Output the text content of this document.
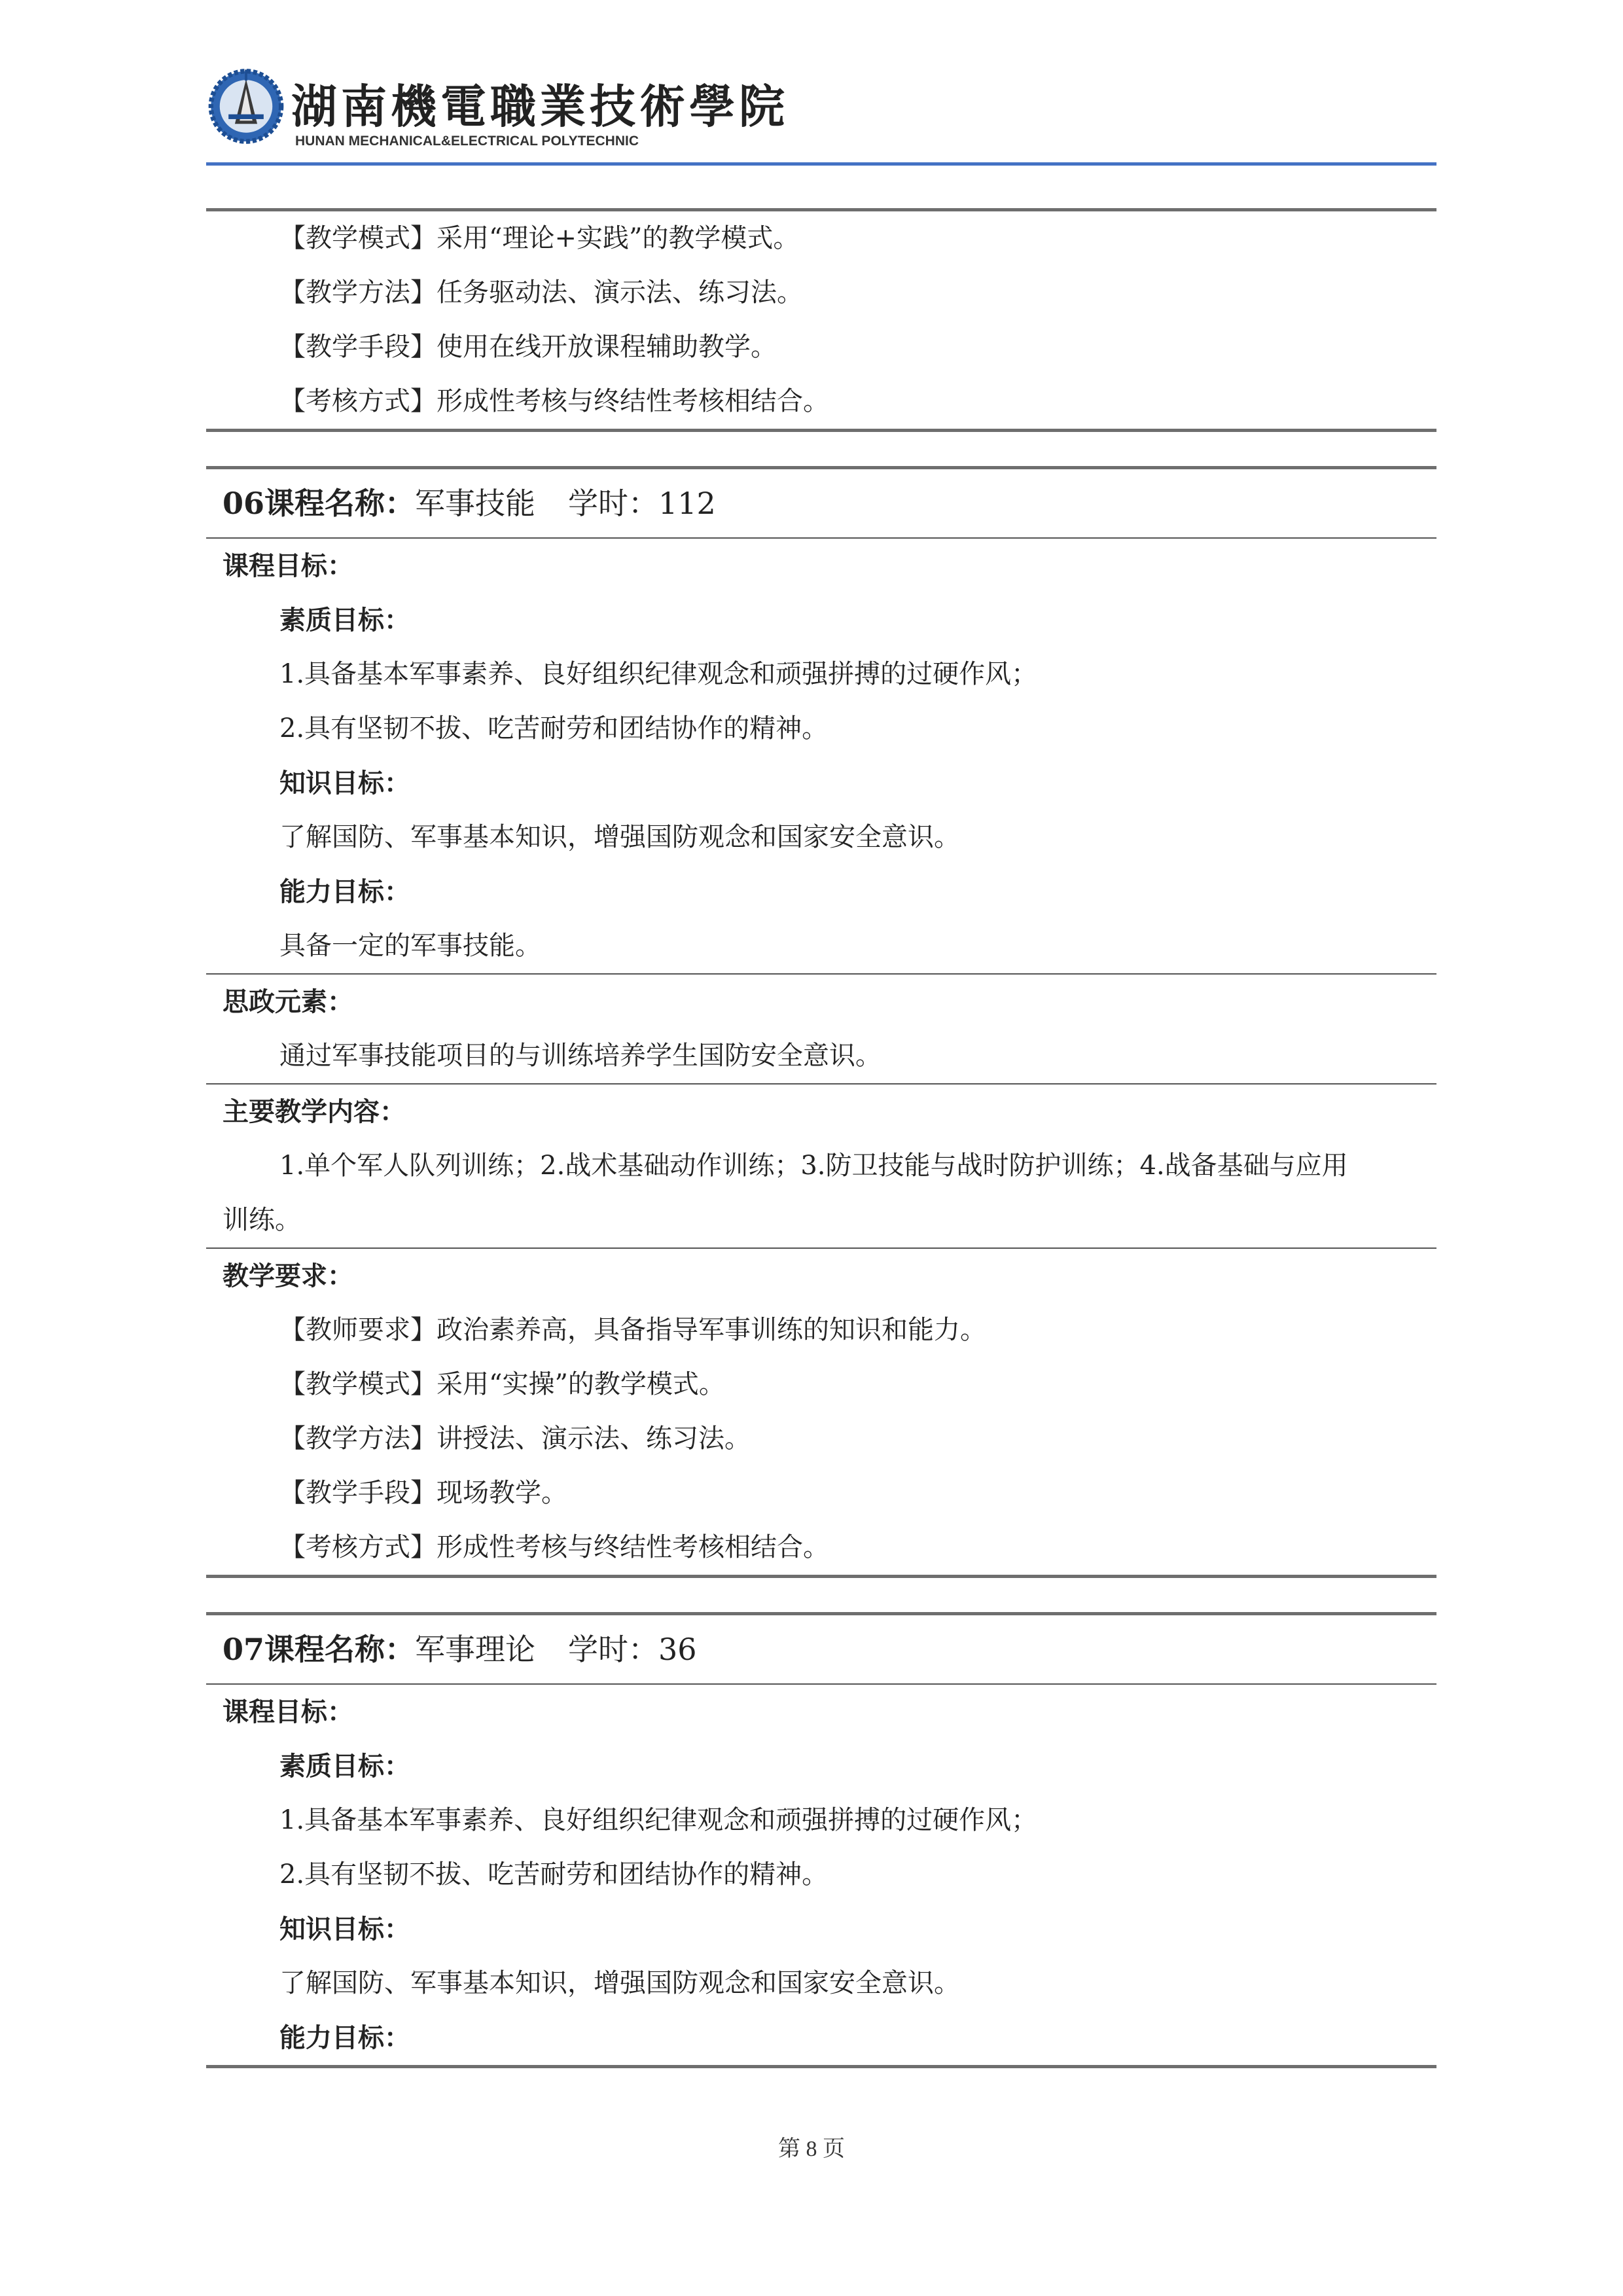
湖南機電職業技術學院
HUNAN MECHANICAL&ELECTRICAL POLYTECHNIC
【教学模式】采用“理论+实践”的教学模式。
【教学方法】任务驱动法、演示法、练习法。
【教学手段】使用在线开放课程辅助教学。
【考核方式】形成性考核与终结性考核相结合。
06课程名称：军事技能 学时：112
课程目标：
素质目标：
1.具备基本军事素养、良好组织纪律观念和顽强拼搏的过硬作风；
2.具有坚韧不拔、吃苦耐劳和团结协作的精神。
知识目标：
了解国防、军事基本知识，增强国防观念和国家安全意识。
能力目标：
具备一定的军事技能。
思政元素：
通过军事技能项目的与训练培养学生国防安全意识。
主要教学内容：
1.单个军人队列训练；2.战术基础动作训练；3.防卫技能与战时防护训练；4.战备基础与应用
训练。
教学要求：
【教师要求】政治素养高，具备指导军事训练的知识和能力。
【教学模式】采用“实操”的教学模式。
【教学方法】讲授法、演示法、练习法。
【教学手段】现场教学。
【考核方式】形成性考核与终结性考核相结合。
07课程名称：军事理论 学时：36
课程目标：
素质目标：
1.具备基本军事素养、良好组织纪律观念和顽强拼搏的过硬作风；
2.具有坚韧不拔、吃苦耐劳和团结协作的精神。
知识目标：
了解国防、军事基本知识，增强国防观念和国家安全意识。
能力目标：
第 8 页
